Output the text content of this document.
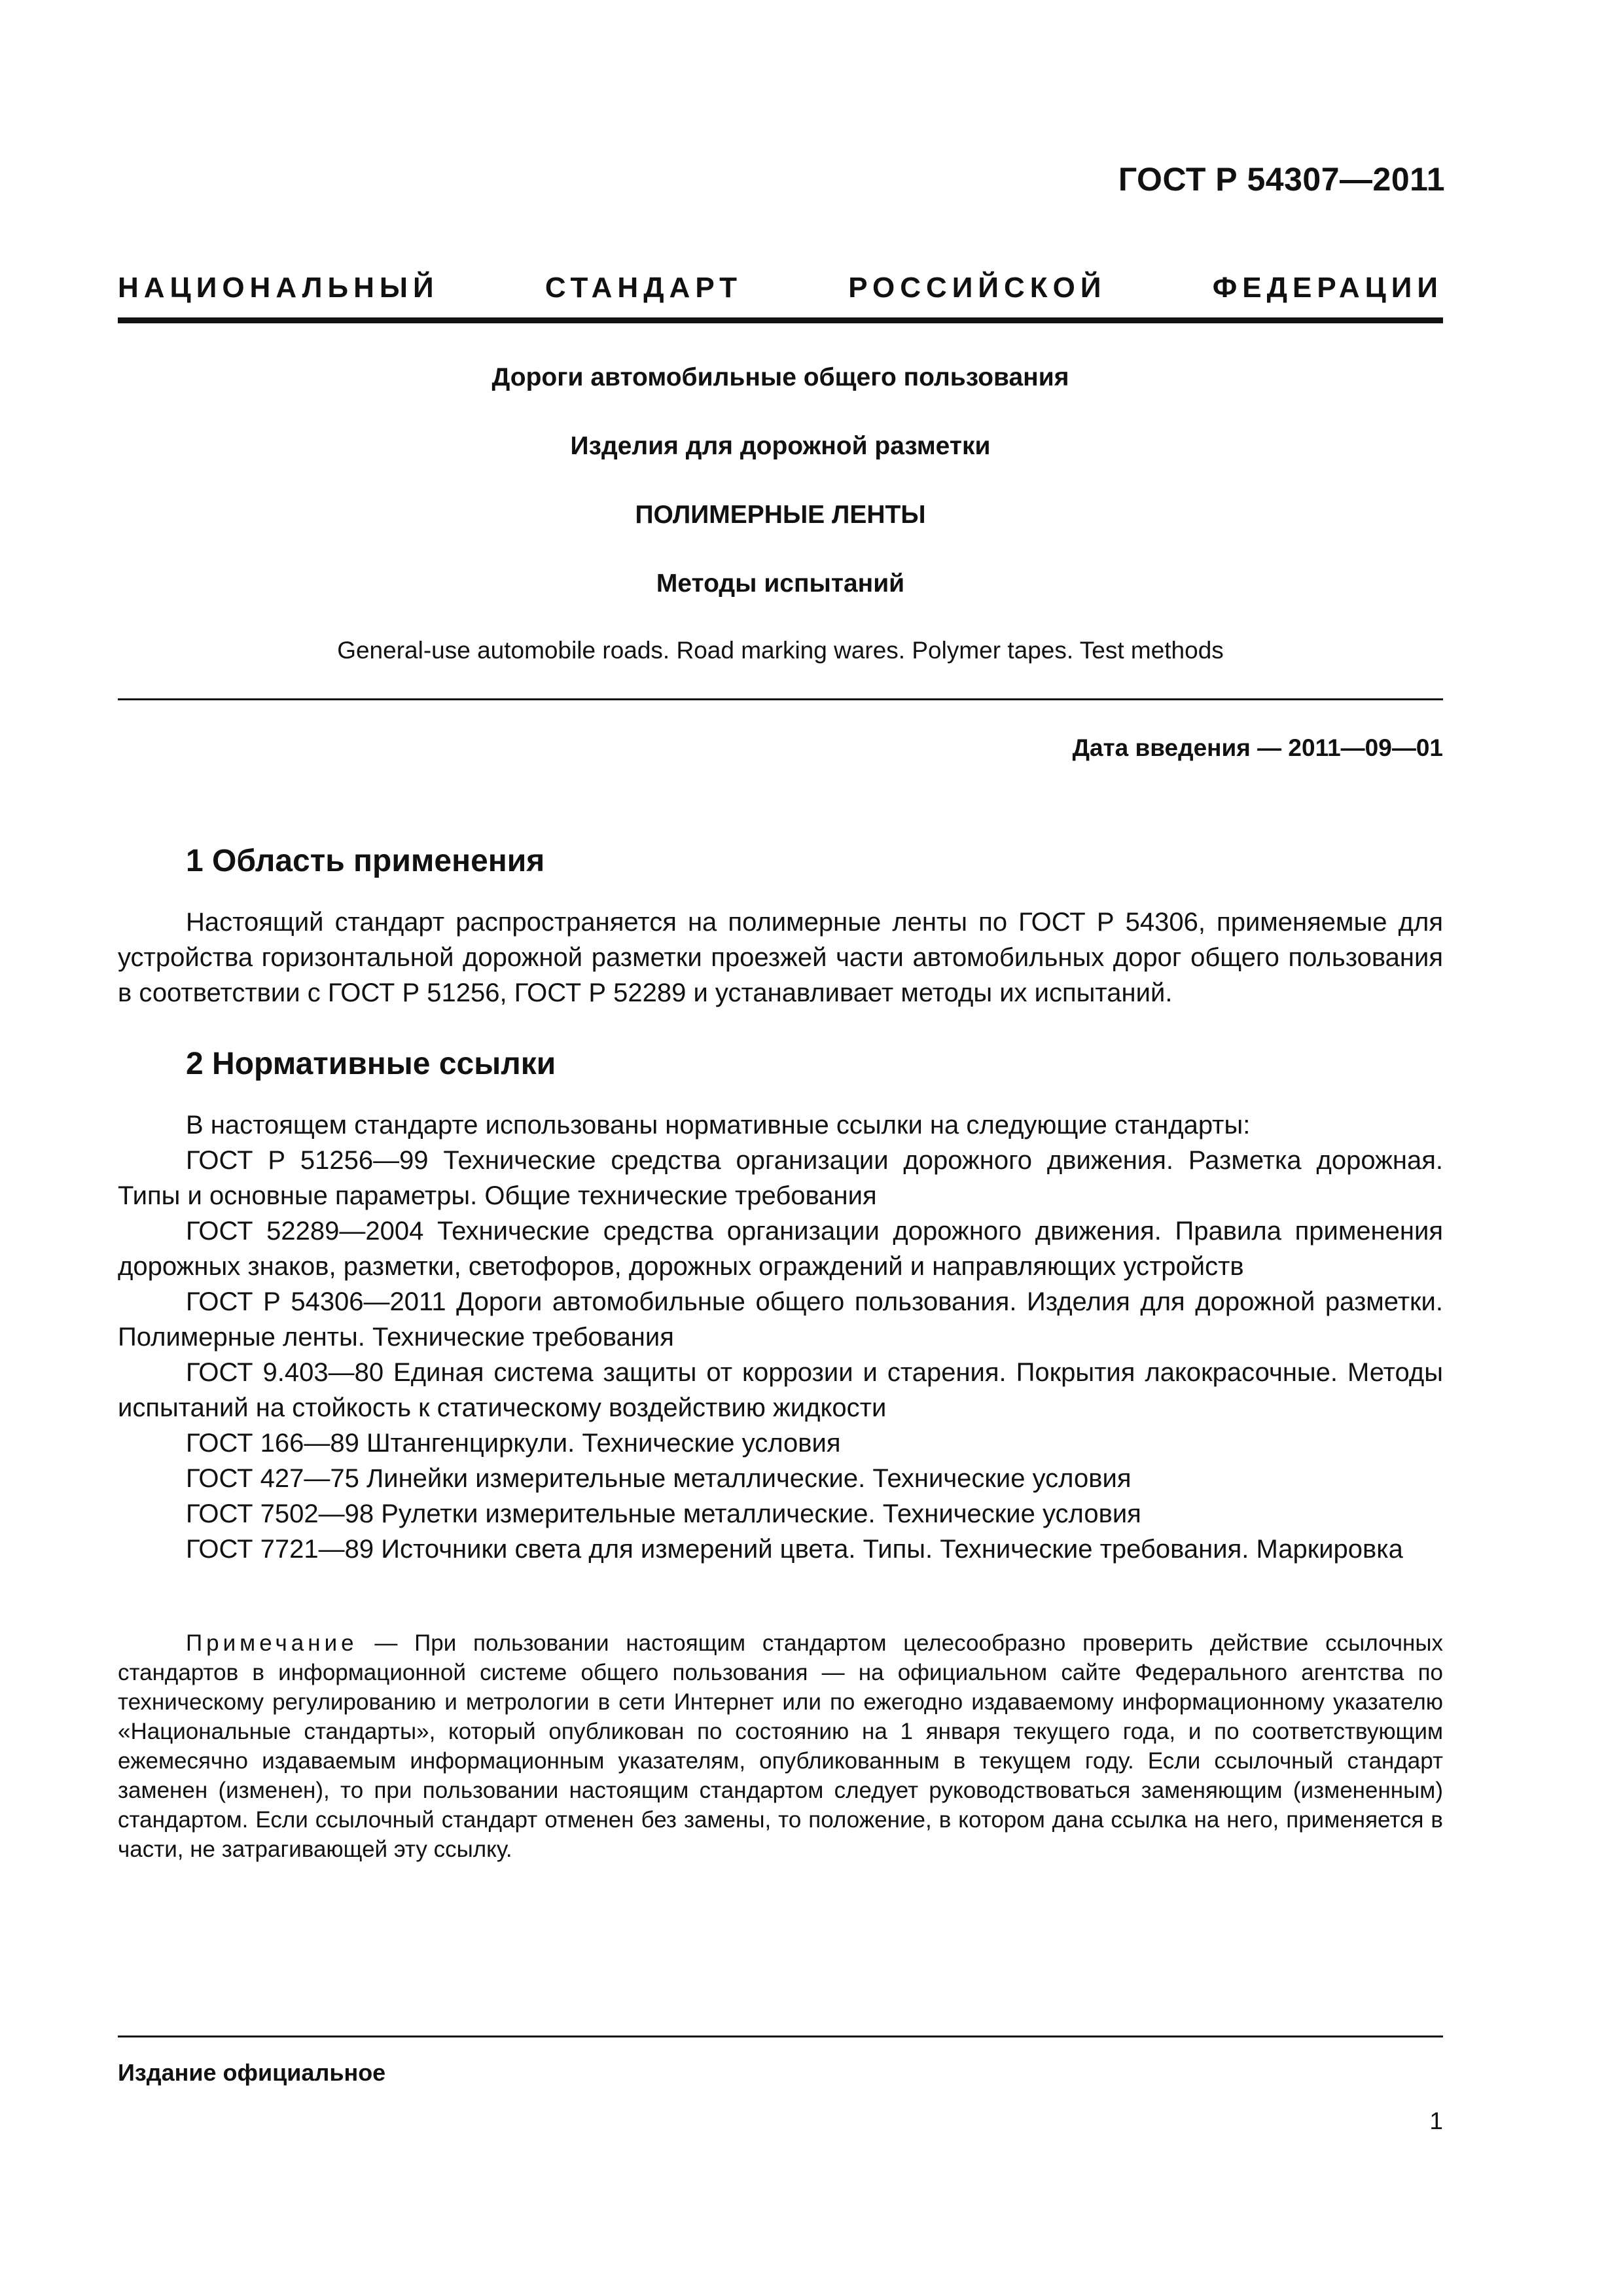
ГОСТ Р 54307—2011
НАЦИОНАЛЬНЫЙ СТАНДАРТ РОССИЙСКОЙ ФЕДЕРАЦИИ
Дороги автомобильные общего пользования
Изделия для дорожной разметки
ПОЛИМЕРНЫЕ ЛЕНТЫ
Методы испытаний
General-use automobile roads. Road marking wares. Polymer tapes. Test methods
Дата введения — 2011—09—01
1 Область применения

Настоящий стандарт распространяется на полимерные ленты по ГОСТ Р 54306, применяемые для устройства горизонтальной дорожной разметки проезжей части автомобильных дорог общего пользования в соответствии с ГОСТ Р 51256, ГОСТ Р 52289 и устанавливает методы их испытаний.

2 Нормативные ссылки

В настоящем стандарте использованы нормативные ссылки на следующие стандарты:

ГОСТ Р 51256—99 Технические средства организации дорожного движения. Разметка дорожная. Типы и основные параметры. Общие технические требования

ГОСТ 52289—2004 Технические средства организации дорожного движения. Правила применения дорожных знаков, разметки, светофоров, дорожных ограждений и направляющих устройств

ГОСТ Р 54306—2011 Дороги автомобильные общего пользования. Изделия для дорожной разметки. Полимерные ленты. Технические требования

ГОСТ 9.403—80 Единая система защиты от коррозии и старения. Покрытия лакокрасочные. Методы испытаний на стойкость к статическому воздействию жидкости

ГОСТ 166—89 Штангенциркули. Технические условия

ГОСТ 427—75 Линейки измерительные металлические. Технические условия

ГОСТ 7502—98 Рулетки измерительные металлические. Технические условия

ГОСТ 7721—89 Источники света для измерений цвета. Типы. Технические требования. Маркировка

Примечание — При пользовании настоящим стандартом целесообразно проверить действие ссылочных стандартов в информационной системе общего пользования — на официальном сайте Федерального агентства по техническому регулированию и метрологии в сети Интернет или по ежегодно издаваемому информационному указателю «Национальные стандарты», который опубликован по состоянию на 1 января текущего года, и по соответствующим ежемесячно издаваемым информационным указателям, опубликованным в текущем году. Если ссылочный стандарт заменен (изменен), то при пользовании настоящим стандартом следует руководствоваться заменяющим (измененным) стандартом. Если ссылочный стандарт отменен без замены, то положение, в котором дана ссылка на него, применяется в части, не затрагивающей эту ссылку.
Издание официальное
1
